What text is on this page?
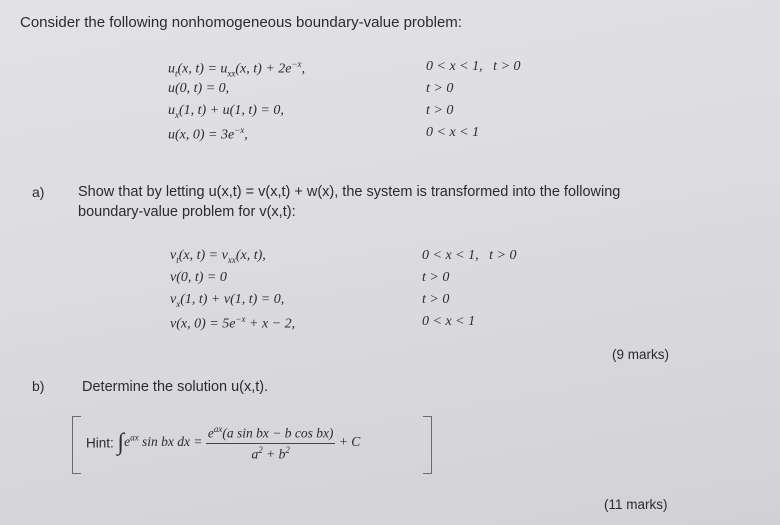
Consider the following nonhomogeneous boundary-value problem:
$u_t(x$, $t) = u_{xx}(x$, $t) + 2e^{-x}$,
u(0, t) = 0,
$u_x(1$, t) + u(1, t) = 0,
u(x, $0) = 3e^{-x}$,
0 < x < 1,   t > 0
t > 0
t > 0
0 < x < 1
a) Show that by letting u(x,t) = v(x,t) + w(x), the system is transformed into the following
boundary-value problem for v(x,t):
$v_t(x$, $t) = v_{xx}(x$, t),
v(0, t) = 0
$v_x(1$, t) + v(1, t) = 0,
v(x, $0) = 5e^{-x} + x - 2$,
0 < x < 1,   t > 0
t > 0
t > 0
0 < x < 1
(9 marks)
b)	Determine the solution u(x,t).
Hint: $\int e^{ax}$ sin bx dx = $\frac{e^{ax}(a \sin bx - b \cos bx)}{a^2 + b^2} + C$
(11 marks)
